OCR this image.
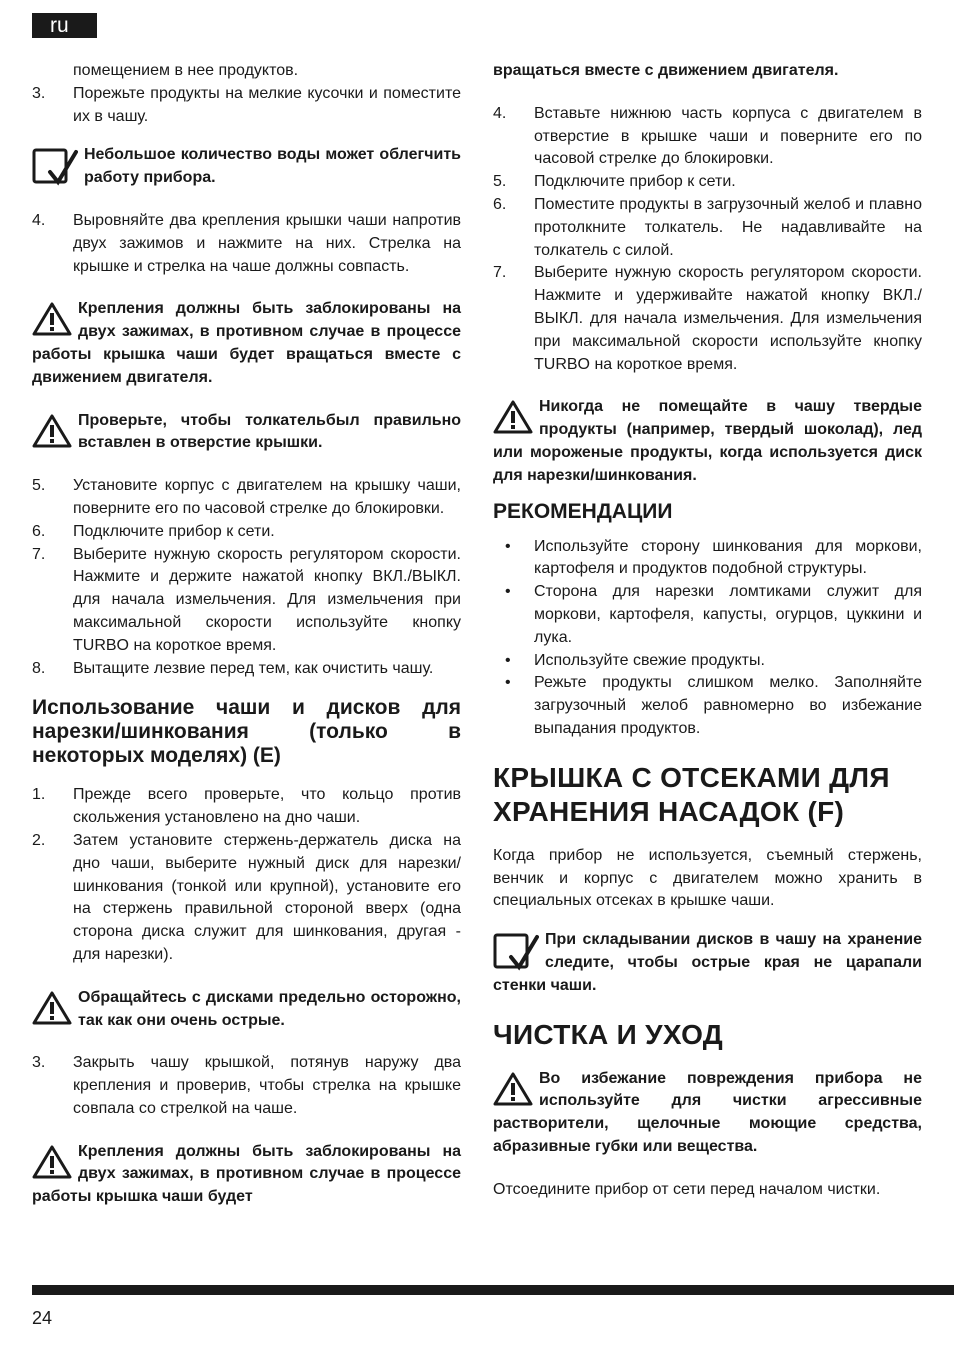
ru

помещением в нее продуктов.

3. Порежьте продукты на мелкие кусочки и поместите их в чашу.

Небольшое количество воды может облегчить работу прибора.

4. Выровняйте два крепления крышки чаши напротив двух зажимов и нажмите на них. Стрелка на крышке и стрелка на чаше должны совпасть.

Крепления должны быть заблокированы на двух зажимах, в противном случае в процессе работы крышка чаши будет вращаться вместе с движением двигателя.

Проверьте, чтобы толкательбыл правильно вставлен в отверстие крышки.

5. Установите корпус с двигателем на крышку чаши, поверните его по часовой стрелке до блокировки.
6. Подключите прибор к сети.
7. Выберите нужную скорость регулятором скорости. Нажмите и держите нажатой кнопку ВКЛ./ВЫКЛ. для начала измельчения. Для измельчения при максимальной скорости используйте кнопку TURBO на короткое время.
8. Вытащите лезвие перед тем, как очистить чашу.

Использование чаши и дисков для нарезки/шинкования (только в некоторых моделях) (E)

1. Прежде всего проверьте, что кольцо против скольжения установлено на дно чаши.
2. Затем установите стержень-держатель диска на дно чаши, выберите нужный диск для нарезки/шинкования (тонкой или крупной), установите его на стержень правильной стороной вверх (одна сторона диска служит для шинкования, другая - для нарезки).

Обращайтесь с дисками предельно осторожно, так как они очень острые.

3. Закрыть чашу крышкой, потянув наружу два крепления и проверив, чтобы стрелка на крышке совпала со стрелкой на чаше.

Крепления должны быть заблокированы на двух зажимах, в противном случае в процессе работы крышка чаши будет

вращаться вместе с движением двигателя.

4. Вставьте нижнюю часть корпуса с двигателем в отверстие в крышке чаши и поверните его по часовой стрелке до блокировки.
5. Подключите прибор к сети.
6. Поместите продукты в загрузочный желоб и плавно протолкните толкатель. Не надавливайте на толкатель с силой.
7. Выберите нужную скорость регулятором скорости. Нажмите и удерживайте нажатой кнопку ВКЛ./ВЫКЛ. для начала измельчения. Для измельчения при максимальной скорости используйте кнопку TURBO на короткое время.

Никогда не помещайте в чашу твердые продукты (например, твердый шоколад), лед или мороженые продукты, когда используется диск для нарезки/шинкования.

РЕКОМЕНДАЦИИ

• Используйте сторону шинкования для моркови, картофеля и продуктов подобной структуры.
• Сторона для нарезки ломтиками служит для моркови, картофеля, капусты, огурцов, цуккини и лука.
• Используйте свежие продукты.
• Режьте продукты слишком мелко. Заполняйте загрузочный желоб равномерно во избежание выпадания продуктов.

КРЫШКА С ОТСЕКАМИ ДЛЯ ХРАНЕНИЯ НАСАДОК (F)

Когда прибор не используется, съемный стержень, венчик и корпус с двигателем можно хранить в специальных отсеках в крышке чаши.

При складывании дисков в чашу на хранение следите, чтобы острые края не царапали стенки чаши.

ЧИСТКА И УХОД

Во избежание повреждения прибора не используйте для чистки агрессивные растворители, щелочные моющие средства, абразивные губки или вещества.

Отсоедините прибор от сети перед началом чистки.

24
